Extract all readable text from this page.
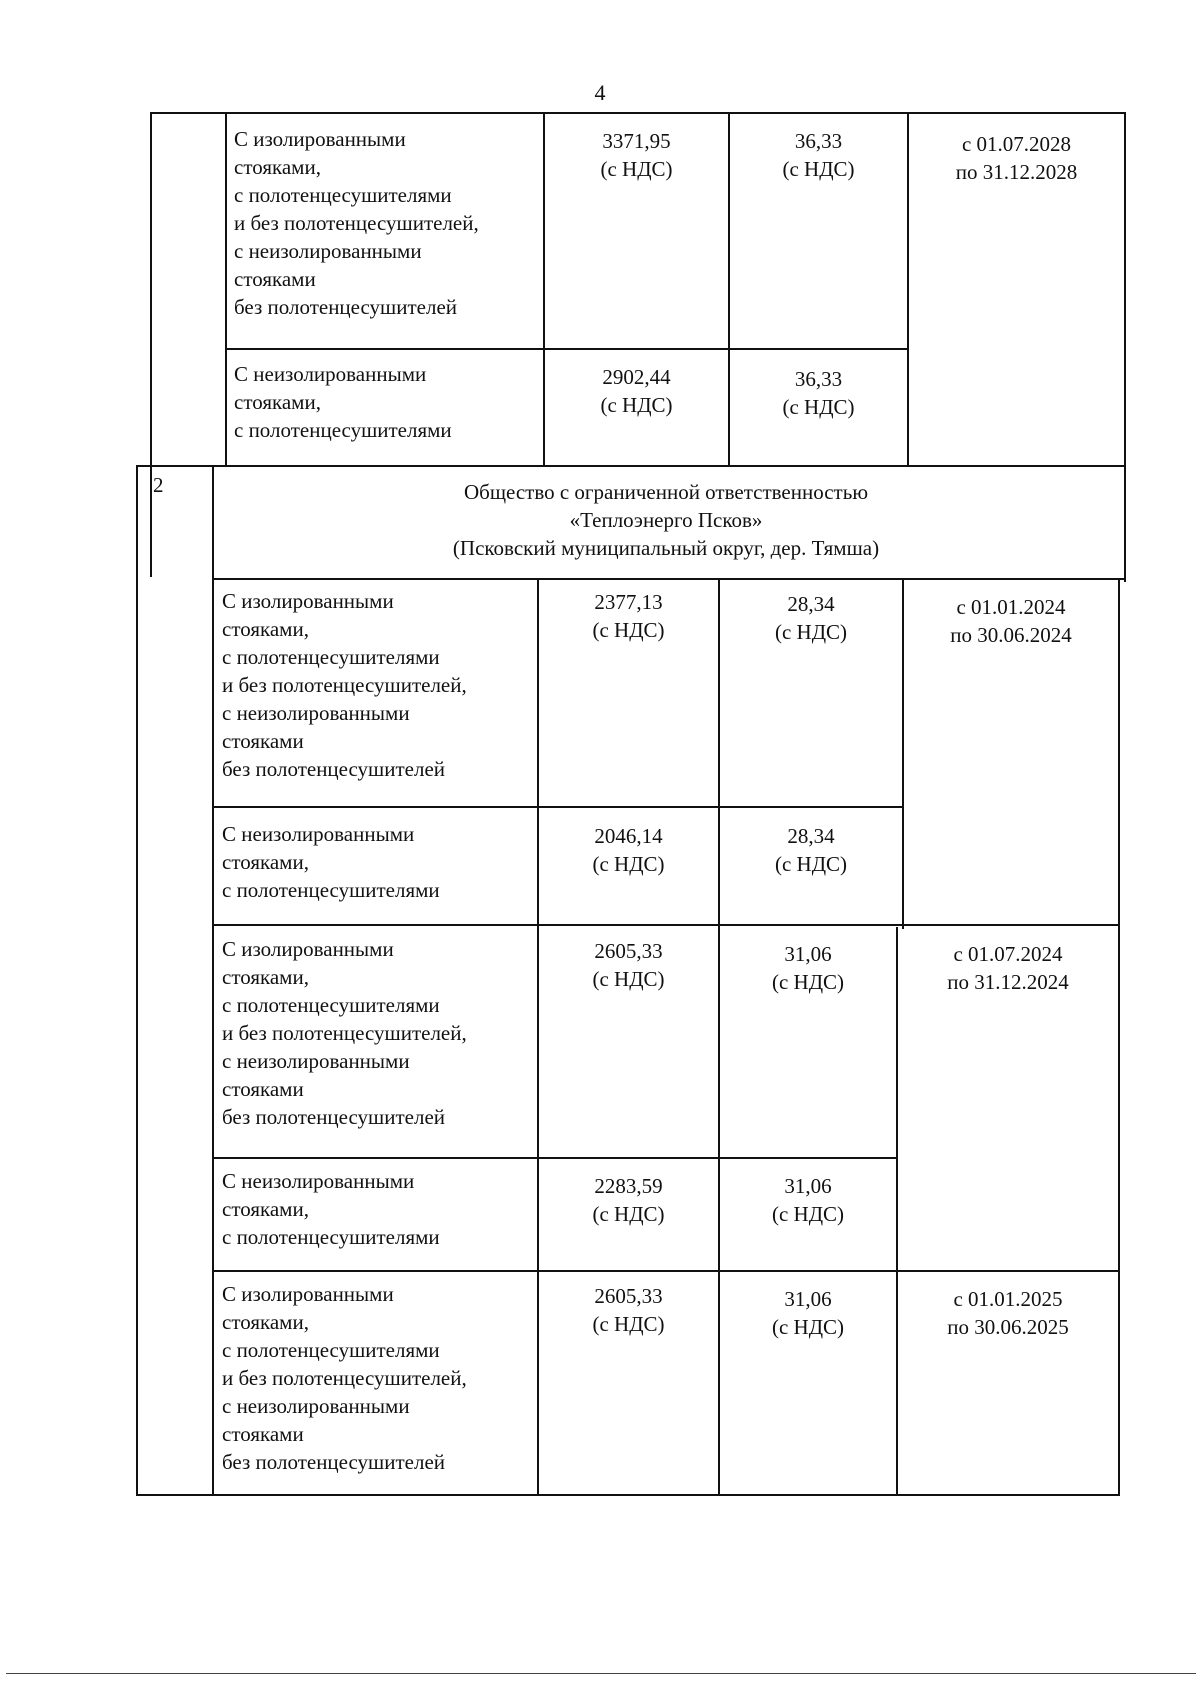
4
С изолированными
стояками,
с полотенцесушителями
и без полотенцесушителей,
с неизолированными
стояками
без полотенцесушителей
3371,95
(с НДС)
36,33
(с НДС)
с 01.07.2028
по 31.12.2028
С неизолированными
стояками,
с полотенцесушителями
2902,44
(с НДС)
36,33
(с НДС)
2	Общество с ограниченной ответственностью
«Теплоэнерго Псков»
(Псковский муниципальный округ, дер. Тямша)
С изолированными
стояками,
с полотенцесушителями
и без полотенцесушителей,
с неизолированными
стояками
без полотенцесушителей
2377,13
(с НДС)
28,34
(с НДС)
с 01.01.2024
по 30.06.2024
С неизолированными
стояками,
с полотенцесушителями
2046,14
(с НДС)
28,34
(с НДС)
С изолированными
стояками,
с полотенцесушителями
и без полотенцесушителей,
с неизолированными
стояками
без полотенцесушителей
2605,33
(с НДС)
31,06
(с НДС)
с 01.07.2024
по 31.12.2024
С неизолированными
стояками,
с полотенцесушителями
2283,59
(с НДС)
31,06
(с НДС)
С изолированными
стояками,
с полотенцесушителями
и без полотенцесушителей,
с неизолированными
стояками
без полотенцесушителей
2605,33
(с НДС)
31,06
(с НДС)
с 01.01.2025
по 30.06.2025
